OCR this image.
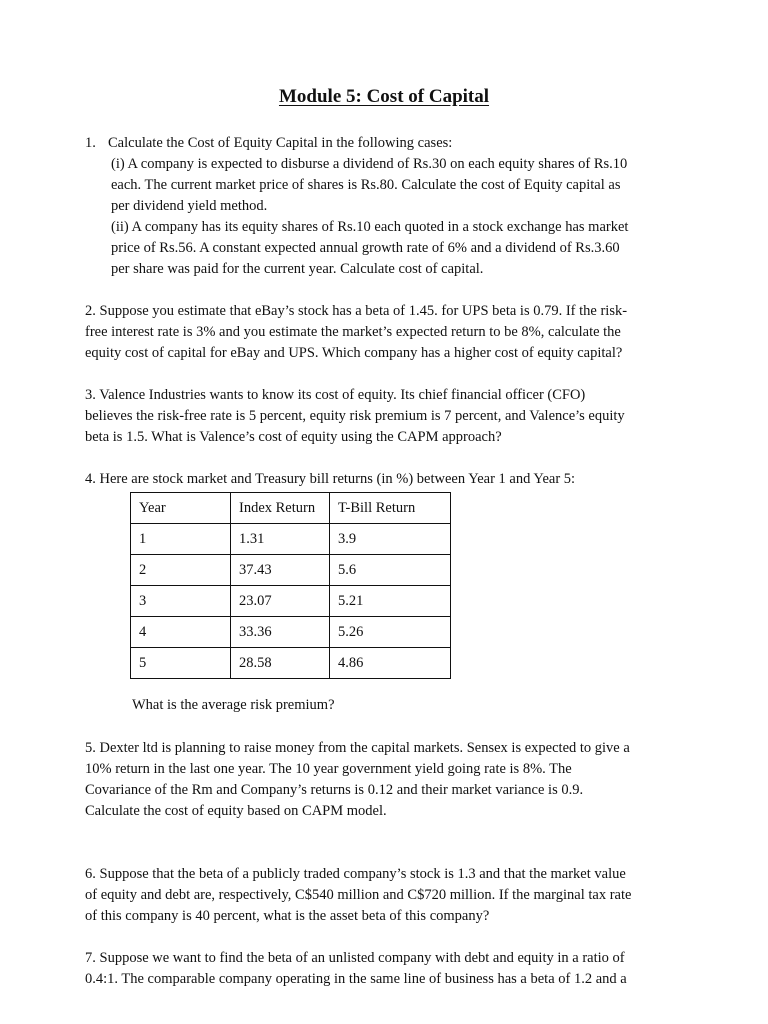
Module 5: Cost of Capital
1. Calculate the Cost of Equity Capital in the following cases:
(i) A company is expected to disburse a dividend of Rs.30 on each equity shares of Rs.10
each. The current market price of shares is Rs.80. Calculate the cost of Equity capital as
per dividend yield method.
(ii) A company has its equity shares of Rs.10 each quoted in a stock exchange has market
price of Rs.56. A constant expected annual growth rate of 6% and a dividend of Rs.3.60
per share was paid for the current year. Calculate cost of capital.
2. Suppose you estimate that eBay’s stock has a beta of 1.45. for UPS beta is 0.79. If the risk-
free interest rate is 3% and you estimate the market’s expected return to be 8%, calculate the
equity cost of capital for eBay and UPS. Which company has a higher cost of equity capital?
3. Valence Industries wants to know its cost of equity. Its chief financial officer (CFO)
believes the risk-free rate is 5 percent, equity risk premium is 7 percent, and Valence’s equity
beta is 1.5. What is Valence’s cost of equity using the CAPM approach?
4. Here are stock market and Treasury bill returns (in %) between Year 1 and Year 5:
Year	Index Return	T-Bill Return
1	1.31	3.9
2	37.43	5.6
3	23.07	5.21
4	33.36	5.26
5	28.58	4.86
What is the average risk premium?
5. Dexter ltd is planning to raise money from the capital markets. Sensex is expected to give a
10% return in the last one year. The 10 year government yield going rate is 8%. The
Covariance of the Rm and Company’s returns is 0.12 and their market variance is 0.9.
Calculate the cost of equity based on CAPM model.
6. Suppose that the beta of a publicly traded company’s stock is 1.3 and that the market value
of equity and debt are, respectively, C$540 million and C$720 million. If the marginal tax rate
of this company is 40 percent, what is the asset beta of this company?
7. Suppose we want to find the beta of an unlisted company with debt and equity in a ratio of
0.4:1. The comparable company operating in the same line of business has a beta of 1.2 and a
